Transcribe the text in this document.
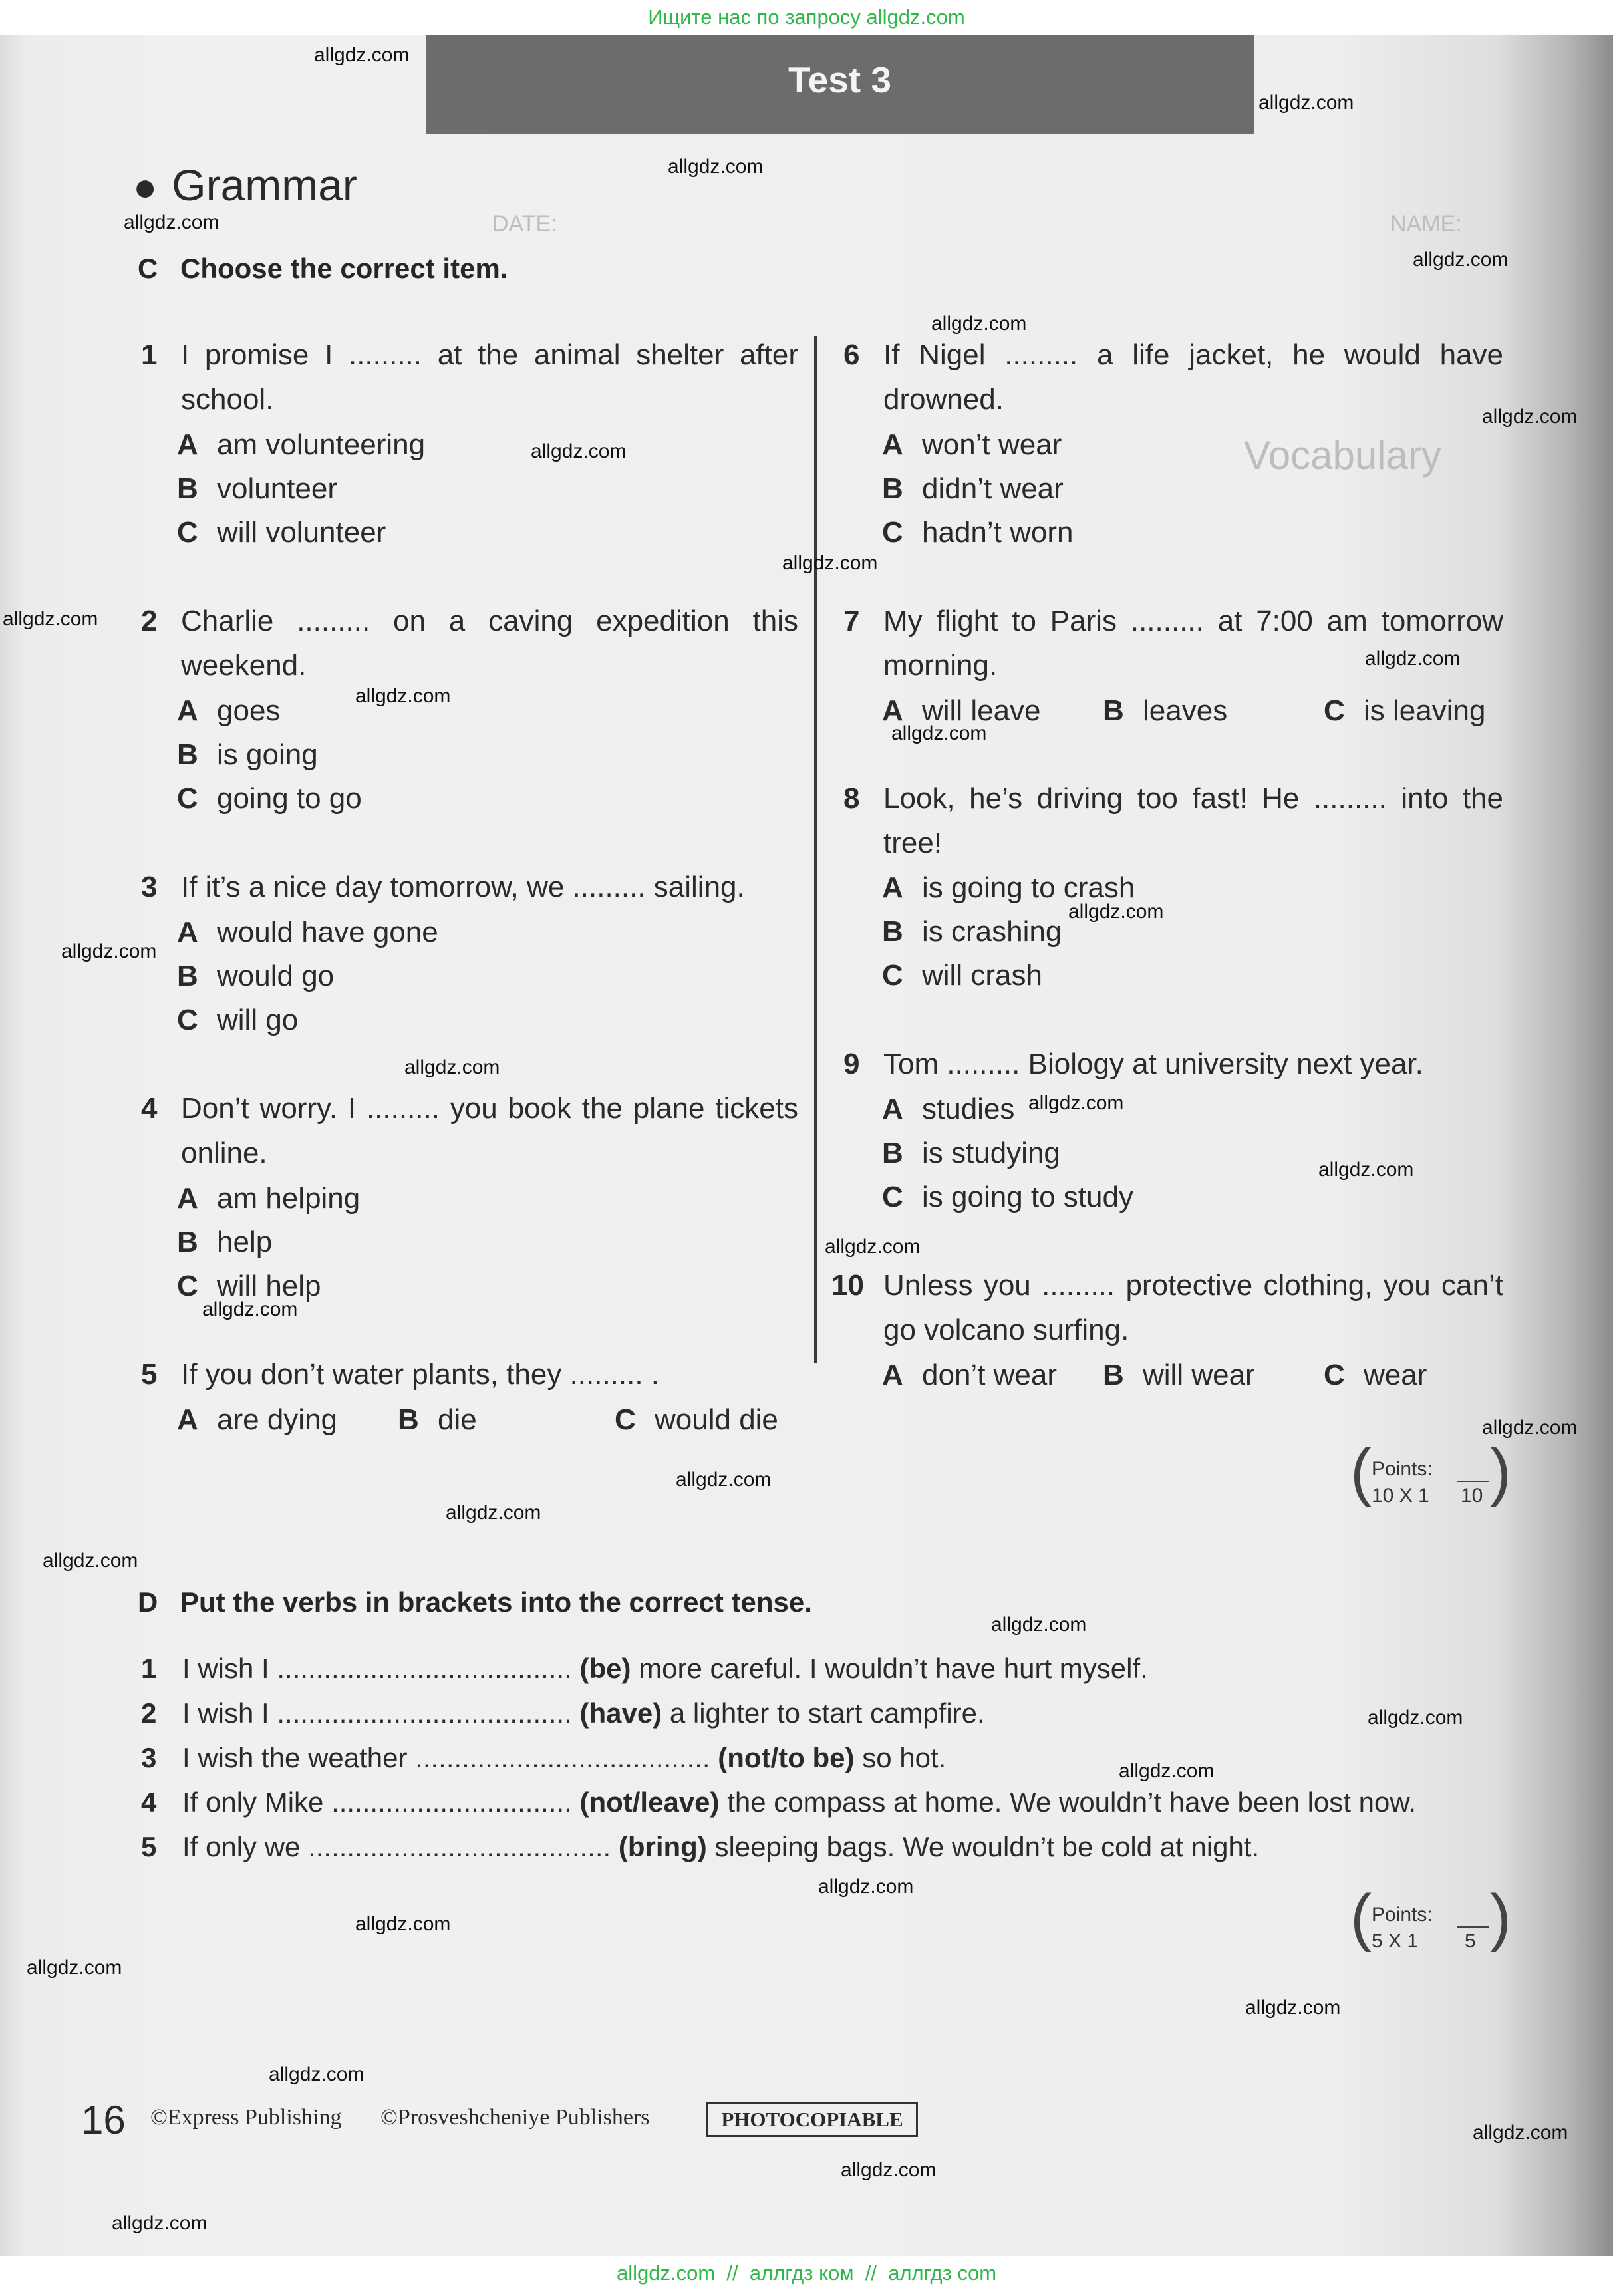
Ищите нас по запросу allgdz.com
NAME:
DATE:
Vocabulary
Test 3
● Grammar
C Choose the correct item.
1 I promise I ......... at the animal shelter after school.
A am volunteering
B volunteer
C will volunteer
2 Charlie ......... on a caving expedition this weekend.
A goes
B is going
C going to go
3 If it’s a nice day tomorrow, we ......... sailing.
A would have gone
B would go
C will go
4 Don’t worry. I ......... you book the plane tickets online.
A am helping
B help
C will help
5 If you don’t water plants, they ......... .
A are dying B die	C would die
6 If Nigel ......... a life jacket, he would have drowned.
A won’t wear
B didn’t wear
C hadn’t worn
7 My flight to Paris ......... at 7:00 am tomorrow morning.
A will leave B leaves	C is leaving
8 Look, he’s driving too fast! He ......... into the tree!
A is going to crash
B is crashing
C will crash
9 Tom ......... Biology at university next year.
A studies
B is studying
C is going to study
10 Unless you ......... protective clothing, you can’t go volcano surfing.
A don’t wear B will wear C wear
( Points:
10 X 1 10 )
D Put the verbs in brackets into the correct tense.
1 I wish I ...................................... (be) more careful. I wouldn’t have hurt myself.
2 I wish I ...................................... (have) a lighter to start campfire.
3 I wish the weather ...................................... (not/to be) so hot.
4 If only Mike ............................... (not/leave) the compass at home. We wouldn’t have been lost now.
5 If only we ....................................... (bring) sleeping bags. We wouldn’t be cold at night.
( Points:
5 X 1 5 )
16 ©Express Publishing ©Prosveshcheniye Publishers	PHOTOCOPIABLE
allgdz.com
allgdz.com
allgdz.com
allgdz.com
allgdz.com
allgdz.com
allgdz.com
allgdz.com
allgdz.com
allgdz.com
allgdz.com
allgdz.com
allgdz.com
allgdz.com
allgdz.com
allgdz.com
allgdz.com
allgdz.com
allgdz.com
allgdz.com
allgdz.com
allgdz.com
allgdz.com
allgdz.com
allgdz.com
allgdz.com
allgdz.com
allgdz.com
allgdz.com
allgdz.com
allgdz.com
allgdz.com
allgdz.com
allgdz.com
allgdz.com
allgdz.com  //  аллгдз ком  //  аллгдз com
